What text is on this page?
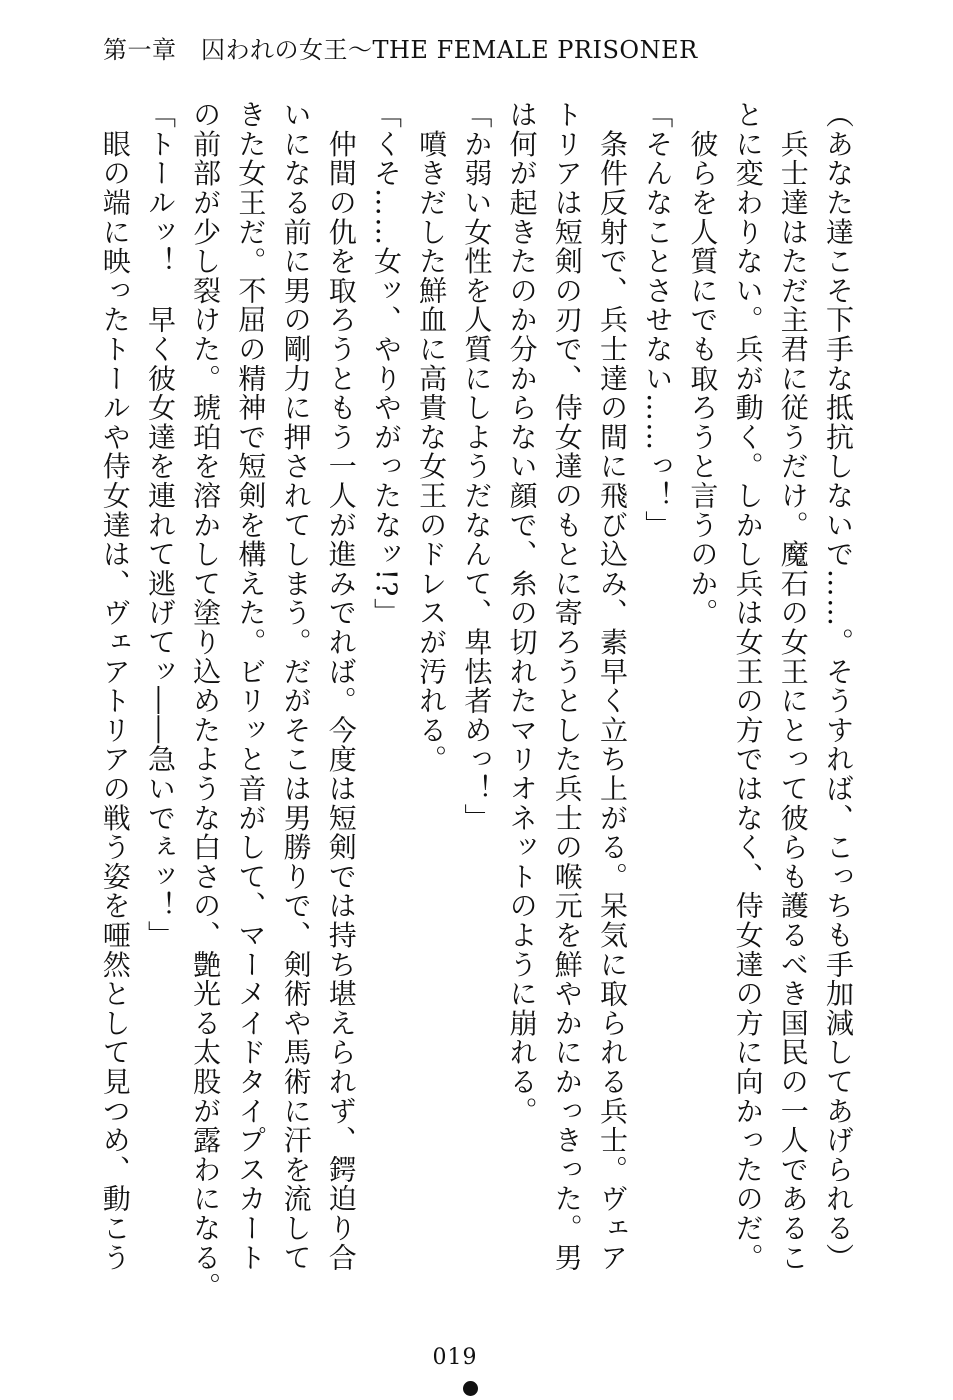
第一章　囚われの女王～THE FEMALE PRISONER
（あなた達こそ下手な抵抗しないで……。そうすれば、こっちも手加減してあげられる）
　兵士達はただ主君に従うだけ。魔石の女王にとって彼らも護るべき国民の一人であるこ
とに変わりない。兵が動く。しかし兵は女王の方ではなく、侍女達の方に向かったのだ。
　彼らを人質にでも取ろうと言うのか。
「そんなことさせない……っ！」
　条件反射で、兵士達の間に飛び込み、素早く立ち上がる。呆気に取られる兵士。ヴェア
トリアは短剣の刃で、侍女達のもとに寄ろうとした兵士の喉元を鮮やかにかっきった。男
は何が起きたのか分からない顔で、糸の切れたマリオネットのように崩れる。
「か弱い女性を人質にしようだなんて、卑怯者めっ！」
　噴きだした鮮血に高貴な女王のドレスが汚れる。
「くそ……女ッ、やりやがったなッ!?」
　仲間の仇を取ろうともう一人が進みでれば。今度は短剣では持ち堪えられず、鍔迫り合
いになる前に男の剛力に押されてしまう。だがそこは男勝りで、剣術や馬術に汗を流して
きた女王だ。不屈の精神で短剣を構えた。ビリッと音がして、マーメイドタイプスカート
の前部が少し裂けた。琥珀を溶かして塗り込めたような白さの、艶光る太股が露わになる。
「トールッ！　早く彼女達を連れて逃げてッ――急いでぇッ！」
　眼の端に映ったトールや侍女達は、ヴェアトリアの戦う姿を唖然として見つめ、動こう
019
